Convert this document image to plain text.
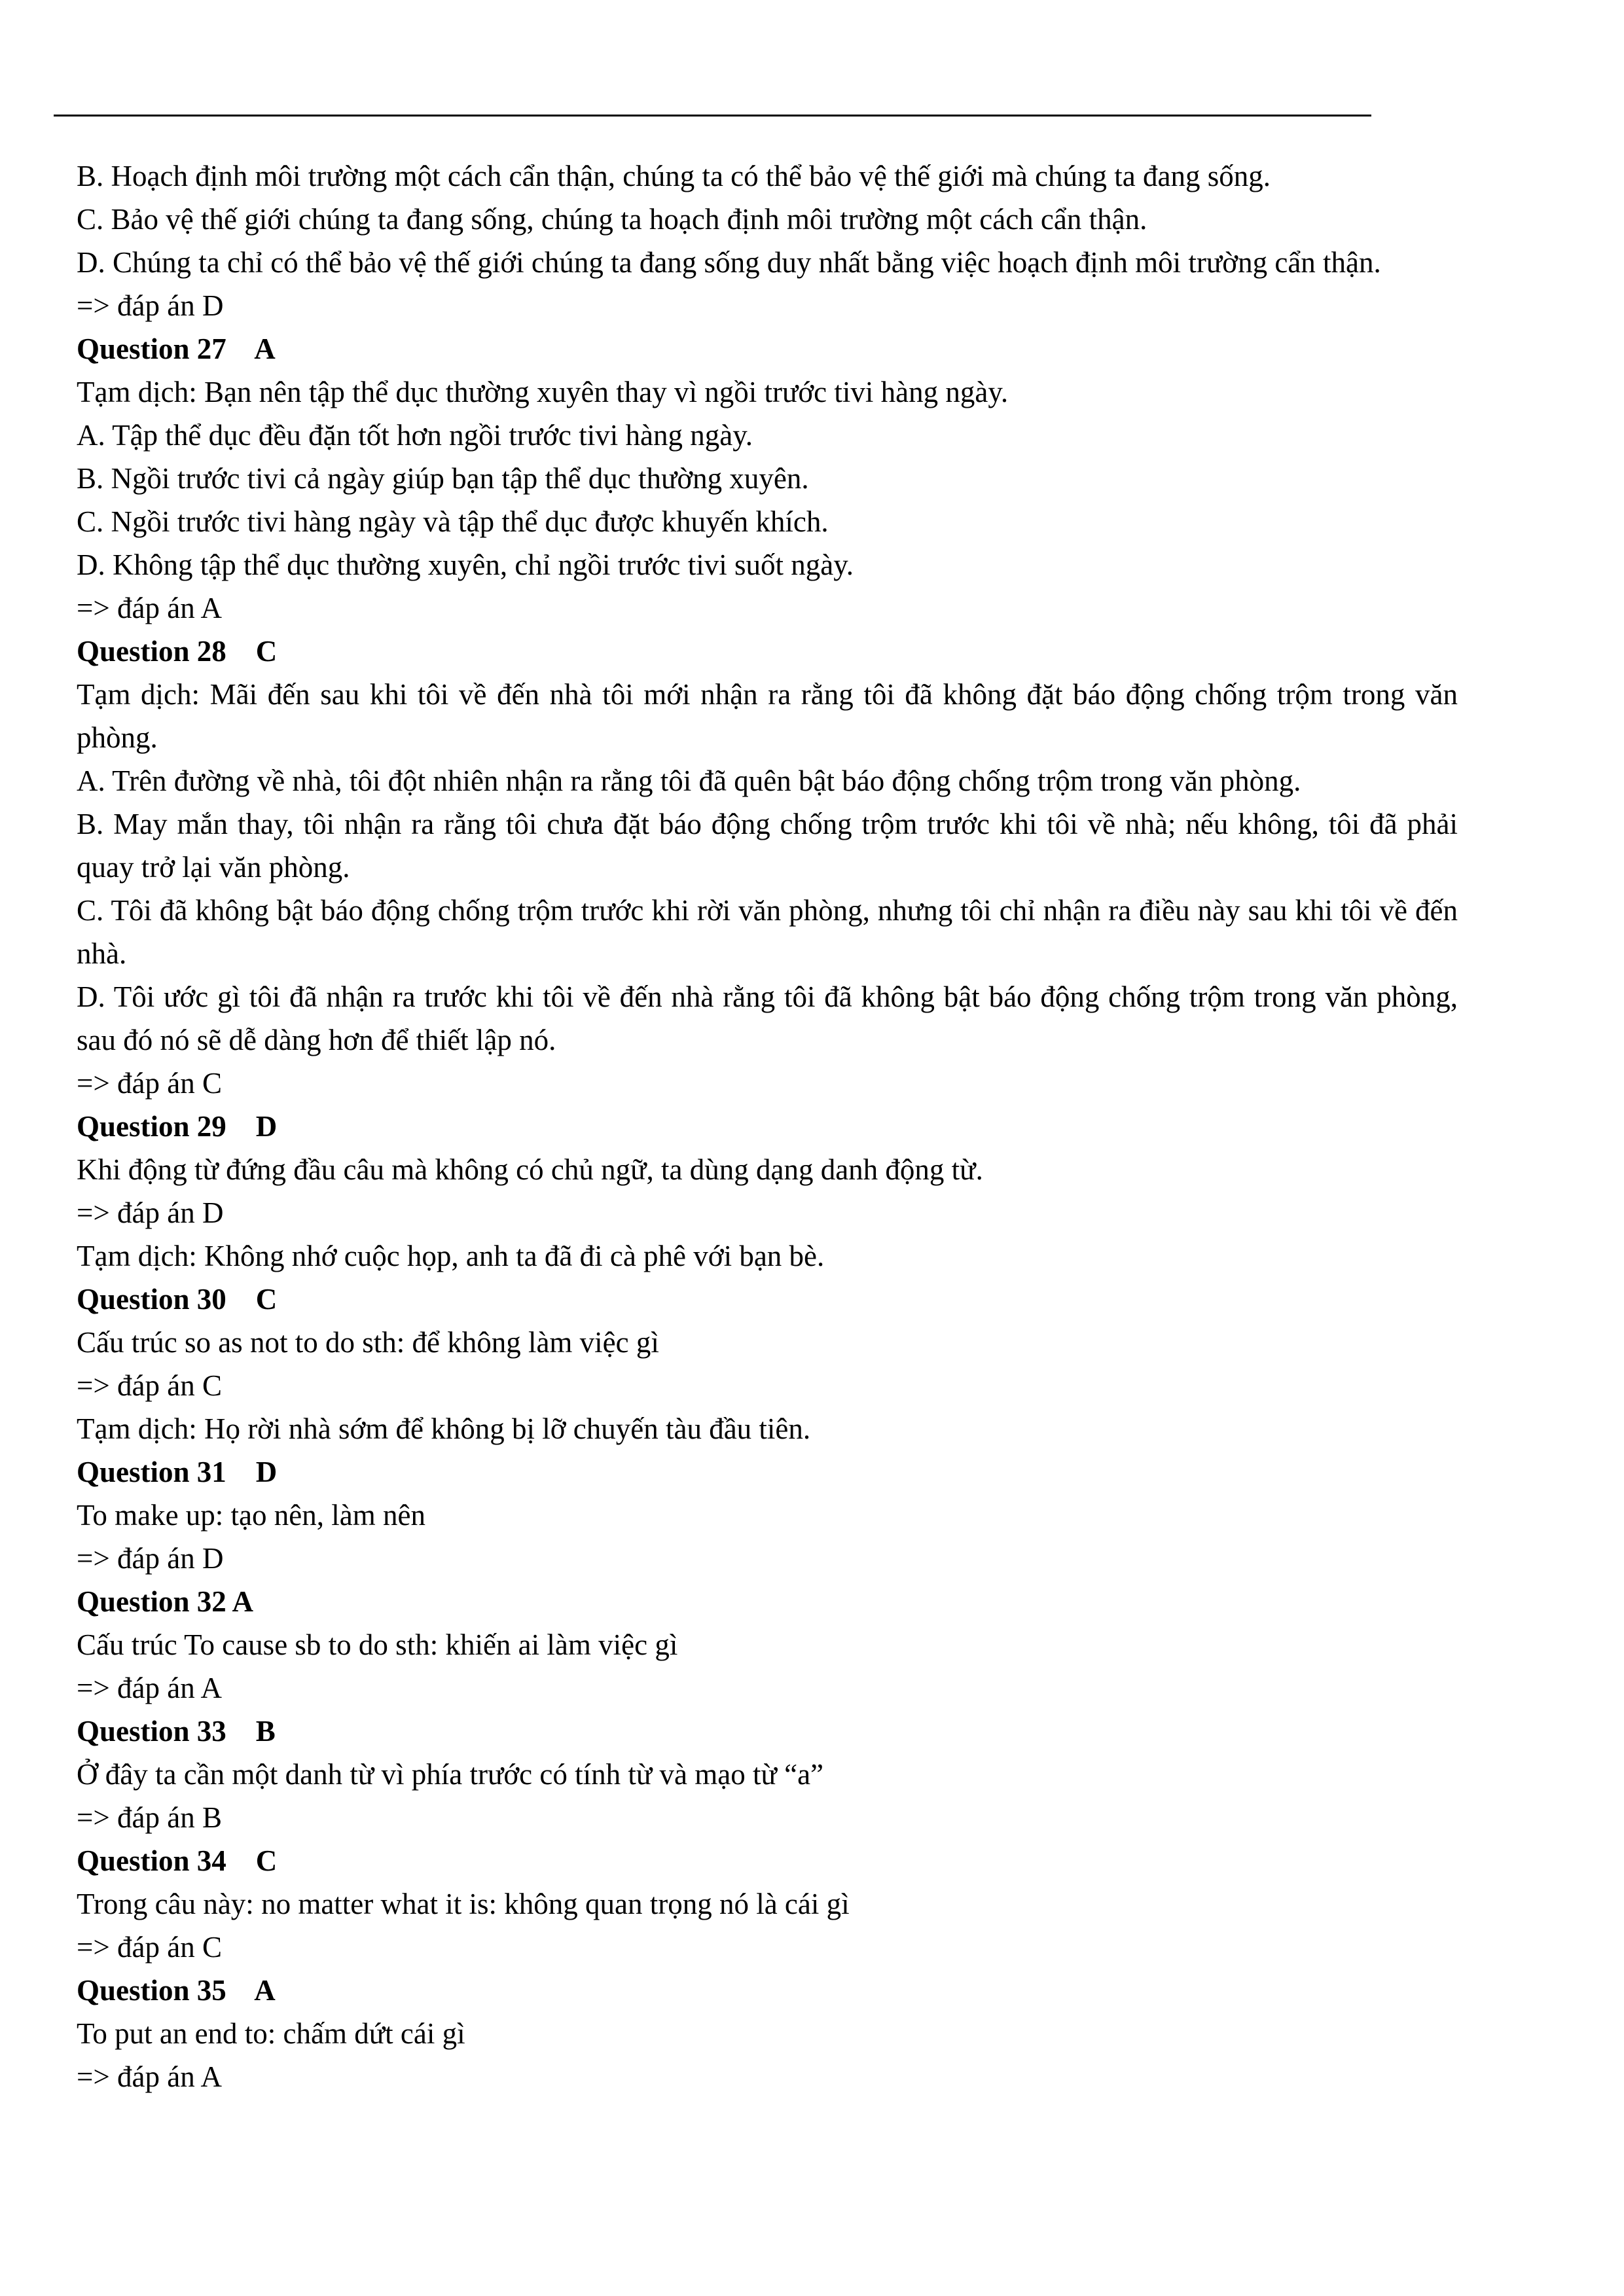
B. Hoạch định môi trường một cách cẩn thận, chúng ta có thể bảo vệ thế giới mà chúng ta đang sống.

C. Bảo vệ thế giới chúng ta đang sống, chúng ta hoạch định môi trường một cách cẩn thận.

D. Chúng ta chỉ có thể bảo vệ thế giới chúng ta đang sống duy nhất bằng việc hoạch định môi trường cẩn thận.

=> đáp án D

Question 27    A

Tạm dịch: Bạn nên tập thể dục thường xuyên thay vì ngồi trước tivi hàng ngày.

A. Tập thể dục đều đặn tốt hơn ngồi trước tivi hàng ngày.

B. Ngồi trước tivi cả ngày giúp bạn tập thể dục thường xuyên.

C. Ngồi trước tivi hàng ngày và tập thể dục được khuyến khích.

D. Không tập thể dục thường xuyên, chỉ ngồi trước tivi suốt ngày.

=> đáp án A

Question 28    C

Tạm dịch: Mãi đến sau khi tôi về đến nhà tôi mới nhận ra rằng tôi đã không đặt báo động chống trộm trong văn phòng.

A. Trên đường về nhà, tôi đột nhiên nhận ra rằng tôi đã quên bật báo động chống trộm trong văn phòng.

B. May mắn thay, tôi nhận ra rằng tôi chưa đặt báo động chống trộm trước khi tôi về nhà; nếu không, tôi đã phải quay trở lại văn phòng.

C. Tôi đã không bật báo động chống trộm trước khi rời văn phòng, nhưng tôi chỉ nhận ra điều này sau khi tôi về đến nhà.

D. Tôi ước gì tôi đã nhận ra trước khi tôi về đến nhà rằng tôi đã không bật báo động chống trộm trong văn phòng, sau đó nó sẽ dễ dàng hơn để thiết lập nó.

=> đáp án C

Question 29    D

Khi động từ đứng đầu câu mà không có chủ ngữ, ta dùng dạng danh động từ.

=> đáp án D

Tạm dịch: Không nhớ cuộc họp, anh ta đã đi cà phê với bạn bè.

Question 30    C

Cấu trúc so as not to do sth: để không làm việc gì

=> đáp án C

Tạm dịch: Họ rời nhà sớm để không bị lỡ chuyến tàu đầu tiên.

Question 31    D

To make up: tạo nên, làm nên

=> đáp án D

Question 32 A

Cấu trúc To cause sb to do sth: khiến ai làm việc gì

=> đáp án A

Question 33    B

Ở đây ta cần một danh từ vì phía trước có tính từ và mạo từ “a”

=> đáp án B

Question 34    C

Trong câu này: no matter what it is: không quan trọng nó là cái gì

=> đáp án C

Question 35    A

To put an end to: chấm dứt cái gì

=> đáp án A
